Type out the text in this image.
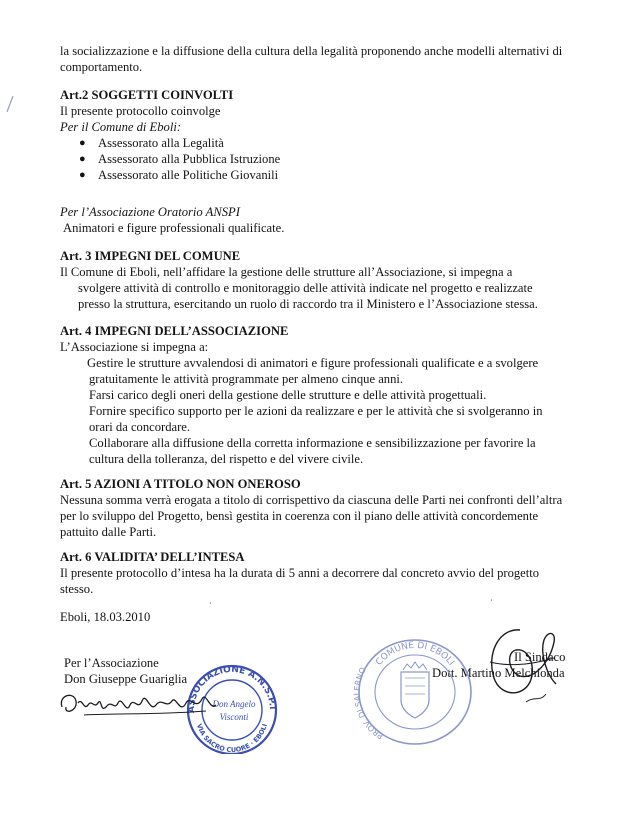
la socializzazione e la diffusione della cultura della legalità proponendo anche modelli alternativi di
comportamento.
Art.2 SOGGETTI COINVOLTI
Il presente protocollo coinvolge
Per il Comune di Eboli:
● Assessorato alla Legalità
● Assessorato alla Pubblica Istruzione
● Assessorato alle Politiche Giovanili
Per l’Associazione Oratorio ANSPI
Animatori e figure professionali qualificate.
Art. 3 IMPEGNI DEL COMUNE
Il Comune di Eboli, nell’affidare la gestione delle strutture all’Associazione, si impegna a
svolgere attività di controllo e monitoraggio delle attività indicate nel progetto e realizzate
presso la struttura, esercitando un ruolo di raccordo tra il Ministero e l’Associazione stessa.
Art. 4 IMPEGNI DELL’ASSOCIAZIONE
L’Associazione si impegna a:
Gestire le strutture avvalendosi di animatori e figure professionali qualificate e a svolgere
gratuitamente le attività programmate per almeno cinque anni.
Farsi carico degli oneri della gestione delle strutture e delle attività progettuali.
Fornire specifico supporto per le azioni da realizzare e per le attività che si svolgeranno in
orari da concordare.
Collaborare alla diffusione della corretta informazione e sensibilizzazione per favorire la
cultura della tolleranza, del rispetto e del vivere civile.
Art. 5 AZIONI A TITOLO NON ONEROSO
Nessuna somma verrà erogata a titolo di corrispettivo da ciascuna delle Parti nei confronti dell’altra
per lo sviluppo del Progetto, bensì gestita in coerenza con il piano delle attività concordemente
pattuito dalle Parti.
Art. 6 VALIDITA’ DELL’INTESA
Il presente protocollo d’intesa ha la durata di 5 anni a decorrere dal concreto avvio del progetto
stesso.
Eboli, 18.03.2010
·	·
Per l’Associazione
Don Giuseppe Guariglia
ASSOCIAZIONE A.N.S.P.I
VIA SACRO CUORE · EBOLI
Don Angelo
Visconti
Il Sindaco
Dott. Martino Melchionda
COMUNE DI EBOLI
PROV. DI SALERNO
